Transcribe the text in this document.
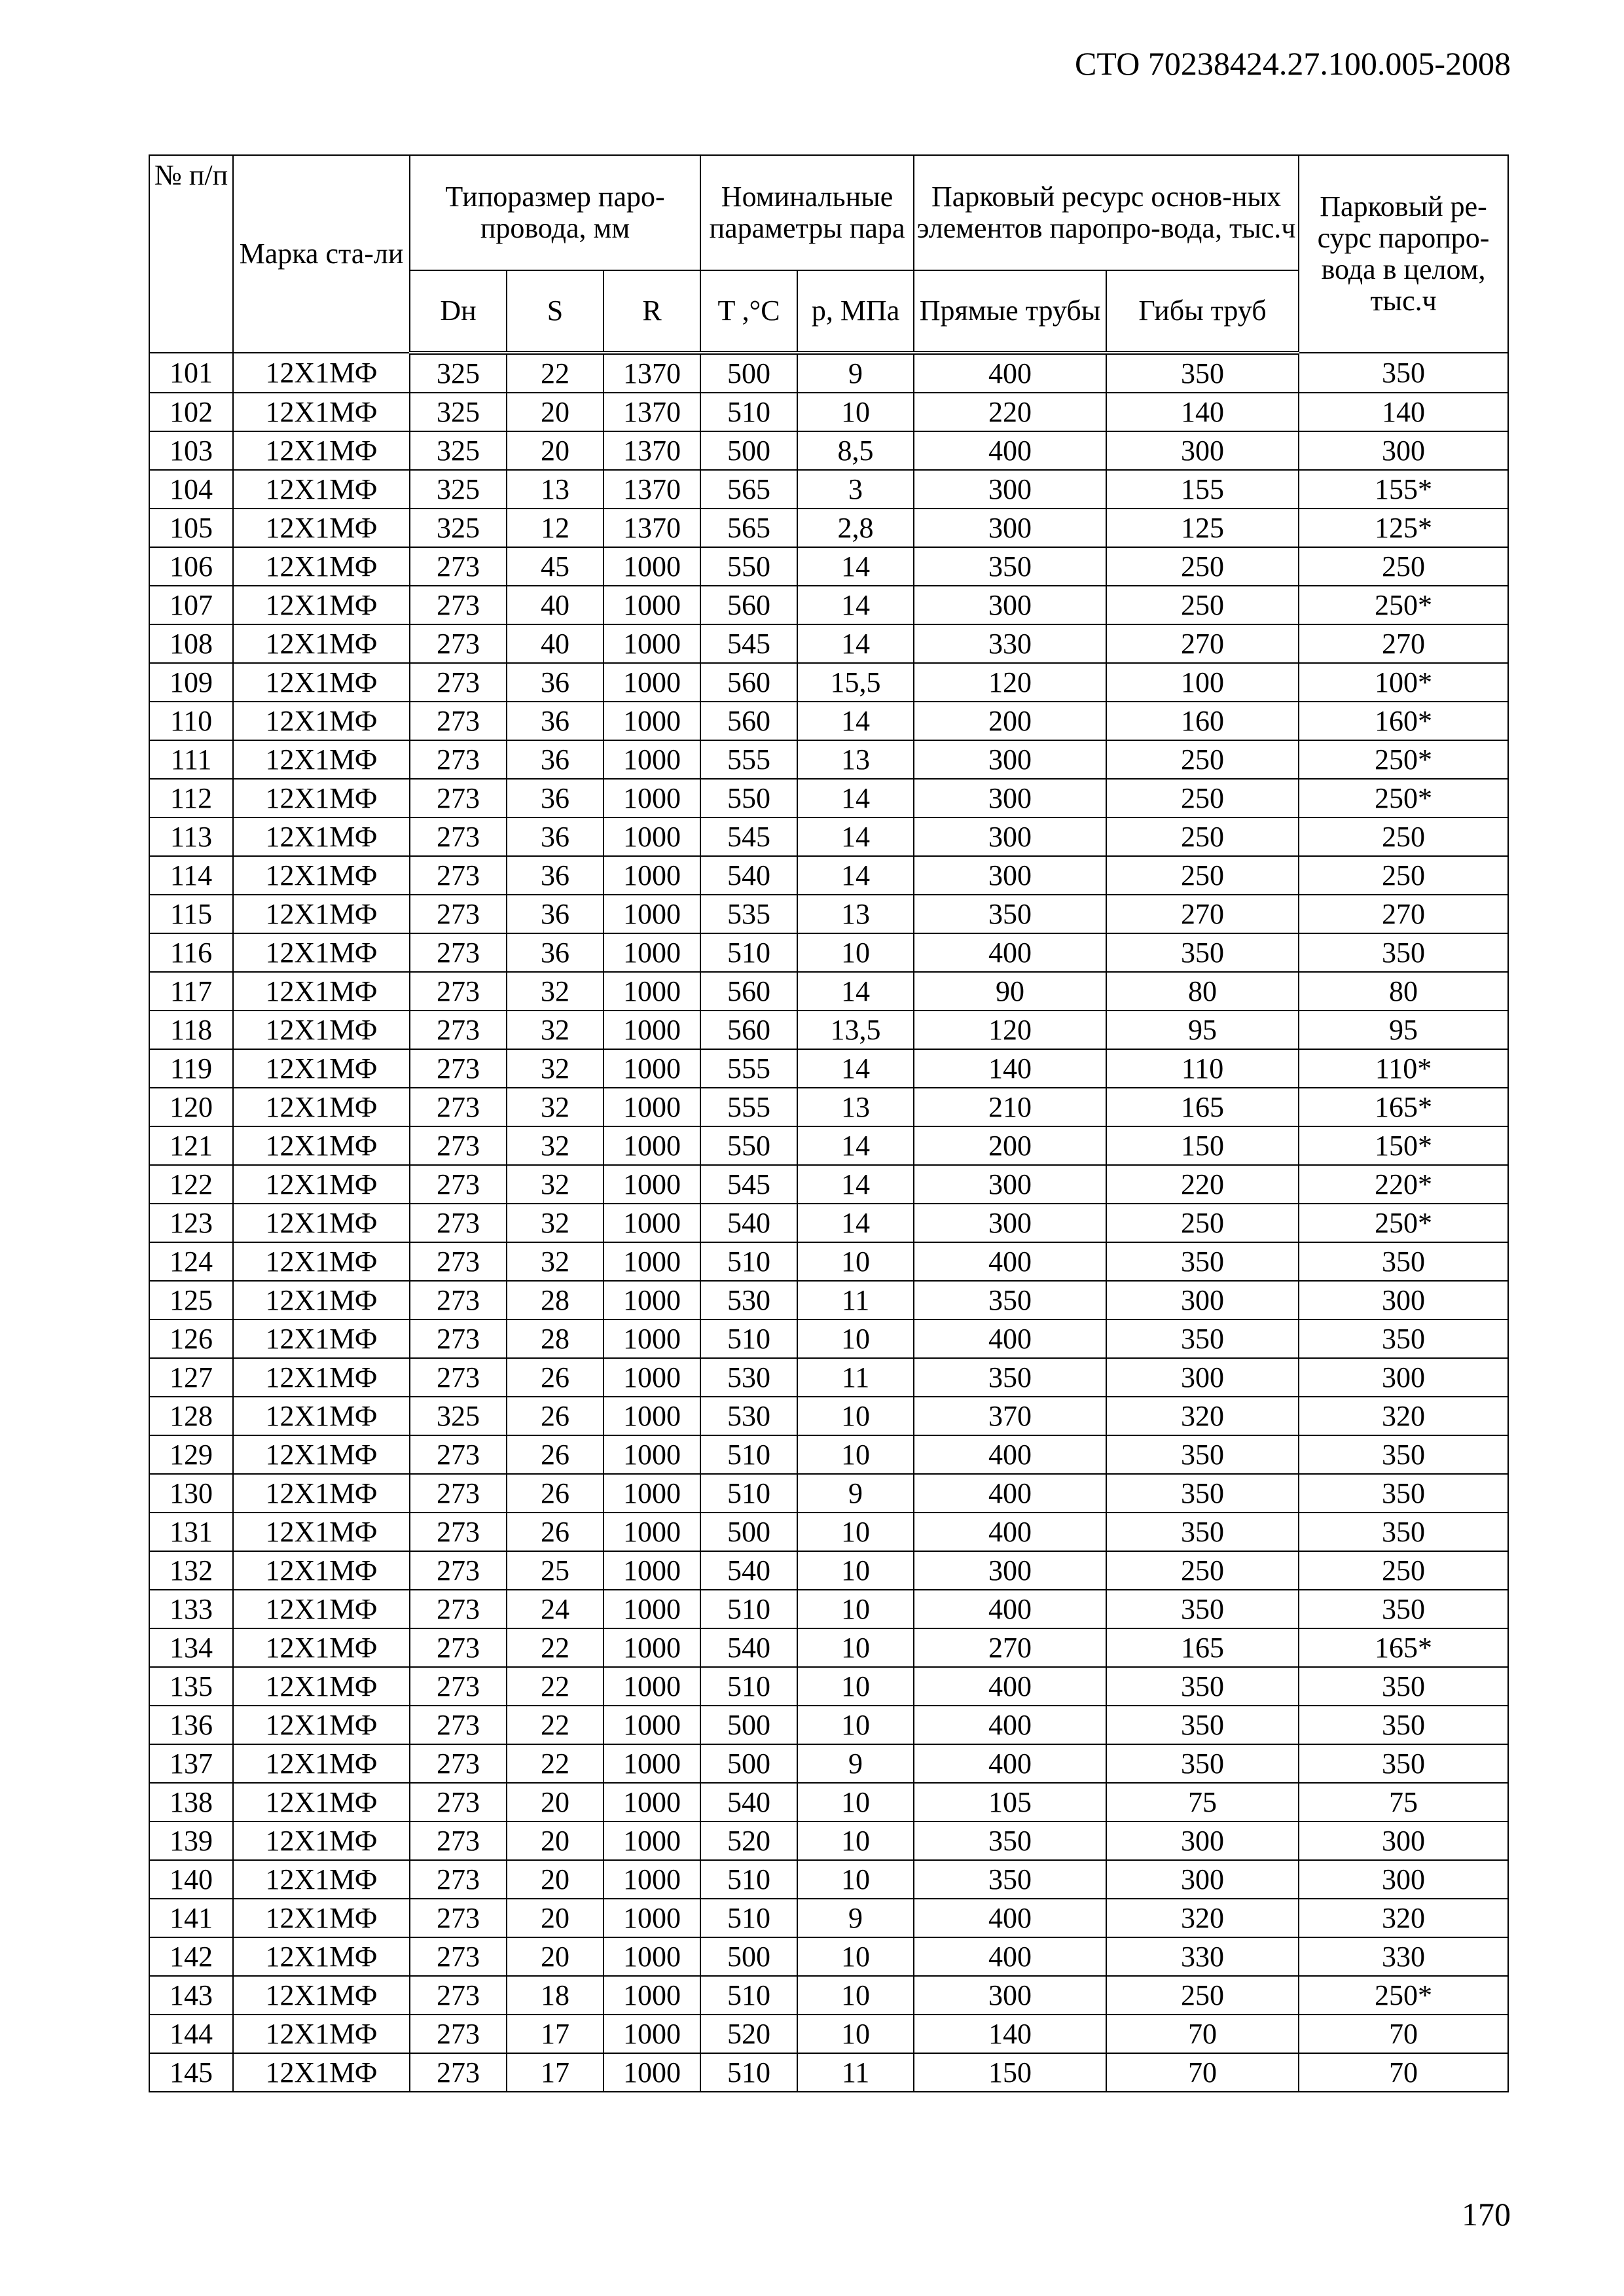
СТО 70238424.27.100.005-2008
№ п/п	Марка ста-ли	Типоразмер паро-провода, мм			Номинальные параметры пара		Парковый ресурс основ-ных элементов паропро-вода, тыс.ч		Парковый ре-сурс паропро-вода в целом, тыс.ч
		Dн	S	R	T ,°C	p, МПа	Прямые трубы	Гибы труб	
101	12Х1МФ	325	22	1370	500	9	400	350	350
102	12Х1МФ	325	20	1370	510	10	220	140	140
103	12Х1МФ	325	20	1370	500	8,5	400	300	300
104	12Х1МФ	325	13	1370	565	3	300	155	155*
105	12Х1МФ	325	12	1370	565	2,8	300	125	125*
106	12Х1МФ	273	45	1000	550	14	350	250	250
107	12Х1МФ	273	40	1000	560	14	300	250	250*
108	12Х1МФ	273	40	1000	545	14	330	270	270
109	12Х1МФ	273	36	1000	560	15,5	120	100	100*
110	12Х1МФ	273	36	1000	560	14	200	160	160*
111	12Х1МФ	273	36	1000	555	13	300	250	250*
112	12Х1МФ	273	36	1000	550	14	300	250	250*
113	12Х1МФ	273	36	1000	545	14	300	250	250
114	12Х1МФ	273	36	1000	540	14	300	250	250
115	12Х1МФ	273	36	1000	535	13	350	270	270
116	12Х1МФ	273	36	1000	510	10	400	350	350
117	12Х1МФ	273	32	1000	560	14	90	80	80
118	12Х1МФ	273	32	1000	560	13,5	120	95	95
119	12Х1МФ	273	32	1000	555	14	140	110	110*
120	12Х1МФ	273	32	1000	555	13	210	165	165*
121	12Х1МФ	273	32	1000	550	14	200	150	150*
122	12Х1МФ	273	32	1000	545	14	300	220	220*
123	12Х1МФ	273	32	1000	540	14	300	250	250*
124	12Х1МФ	273	32	1000	510	10	400	350	350
125	12Х1МФ	273	28	1000	530	11	350	300	300
126	12Х1МФ	273	28	1000	510	10	400	350	350
127	12Х1МФ	273	26	1000	530	11	350	300	300
128	12Х1МФ	325	26	1000	530	10	370	320	320
129	12Х1МФ	273	26	1000	510	10	400	350	350
130	12Х1МФ	273	26	1000	510	9	400	350	350
131	12Х1МФ	273	26	1000	500	10	400	350	350
132	12Х1МФ	273	25	1000	540	10	300	250	250
133	12Х1МФ	273	24	1000	510	10	400	350	350
134	12Х1МФ	273	22	1000	540	10	270	165	165*
135	12Х1МФ	273	22	1000	510	10	400	350	350
136	12Х1МФ	273	22	1000	500	10	400	350	350
137	12Х1МФ	273	22	1000	500	9	400	350	350
138	12Х1МФ	273	20	1000	540	10	105	75	75
139	12Х1МФ	273	20	1000	520	10	350	300	300
140	12Х1МФ	273	20	1000	510	10	350	300	300
141	12Х1МФ	273	20	1000	510	9	400	320	320
142	12Х1МФ	273	20	1000	500	10	400	330	330
143	12Х1МФ	273	18	1000	510	10	300	250	250*
144	12Х1МФ	273	17	1000	520	10	140	70	70
145	12Х1МФ	273	17	1000	510	11	150	70	70
170
